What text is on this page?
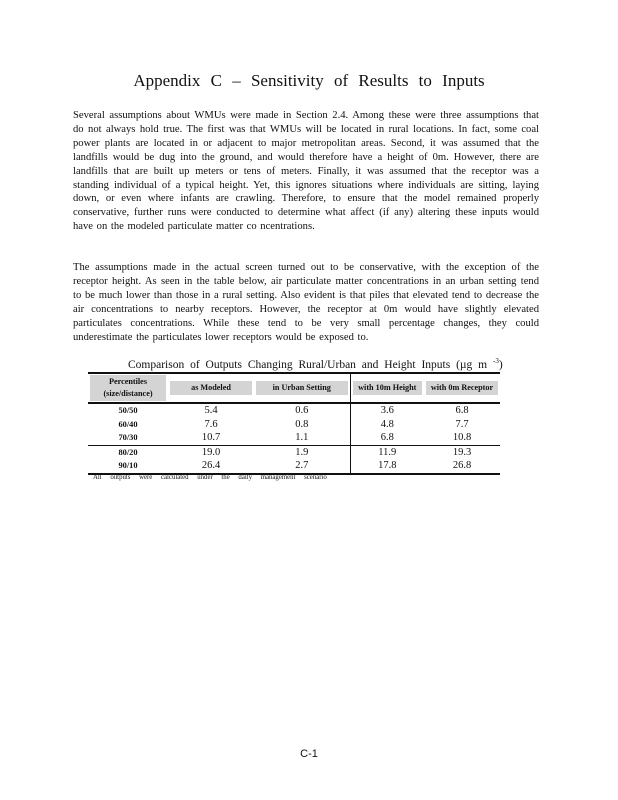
Appendix C – Sensitivity of Results to Inputs

Several assumptions about WMUs were made in Section 2.4. Among these were three assumptions that do not always hold true. The first was that WMUs will be located in rural locations. In fact, some coal power plants are located in or adjacent to major metropolitan areas. Second, it was assumed that the landfills would be dug into the ground, and would therefore have a height of 0m. However, there are landfills that are built up meters or tens of meters. Finally, it was assumed that the receptor was a standing individual of a typical height. Yet, this ignores situations where individuals are sitting, laying down, or even where infants are crawling. Therefore, to ensure that the model remained properly conservative, further runs were conducted to determine what affect (if any) altering these inputs would have on the modeled particulate matter co ncentrations.

The assumptions made in the actual screen turned out to be conservative, with the exception of the receptor height. As seen in the table below, air particulate matter concentrations in an urban setting tend to be much lower than those in a rural setting. Also evident is that piles that elevated tend to decrease the air concentrations to nearby receptors. However, the receptor at 0m would have slightly elevated particulates concentrations. While these tend to be very small percentage changes, they could underestimate the particulates lower receptors would be exposed to.

Comparison of Outputs Changing Rural/Urban and Height Inputs (µg m $^{-3}$)
Percentiles (size/distance)	as Modeled	in Urban Setting	with 10m Height	with 0m Receptor

50/50	5.4	0.6	3.6	6.8
60/40	7.6	0.8	4.8	7.7
70/30	10.7	1.1	6.8	10.8
80/20	19.0	1.9	11.9	19.3
90/10	26.4	2.7	17.8	26.8
All outputs were calculated under the daily management scenario
C-1
